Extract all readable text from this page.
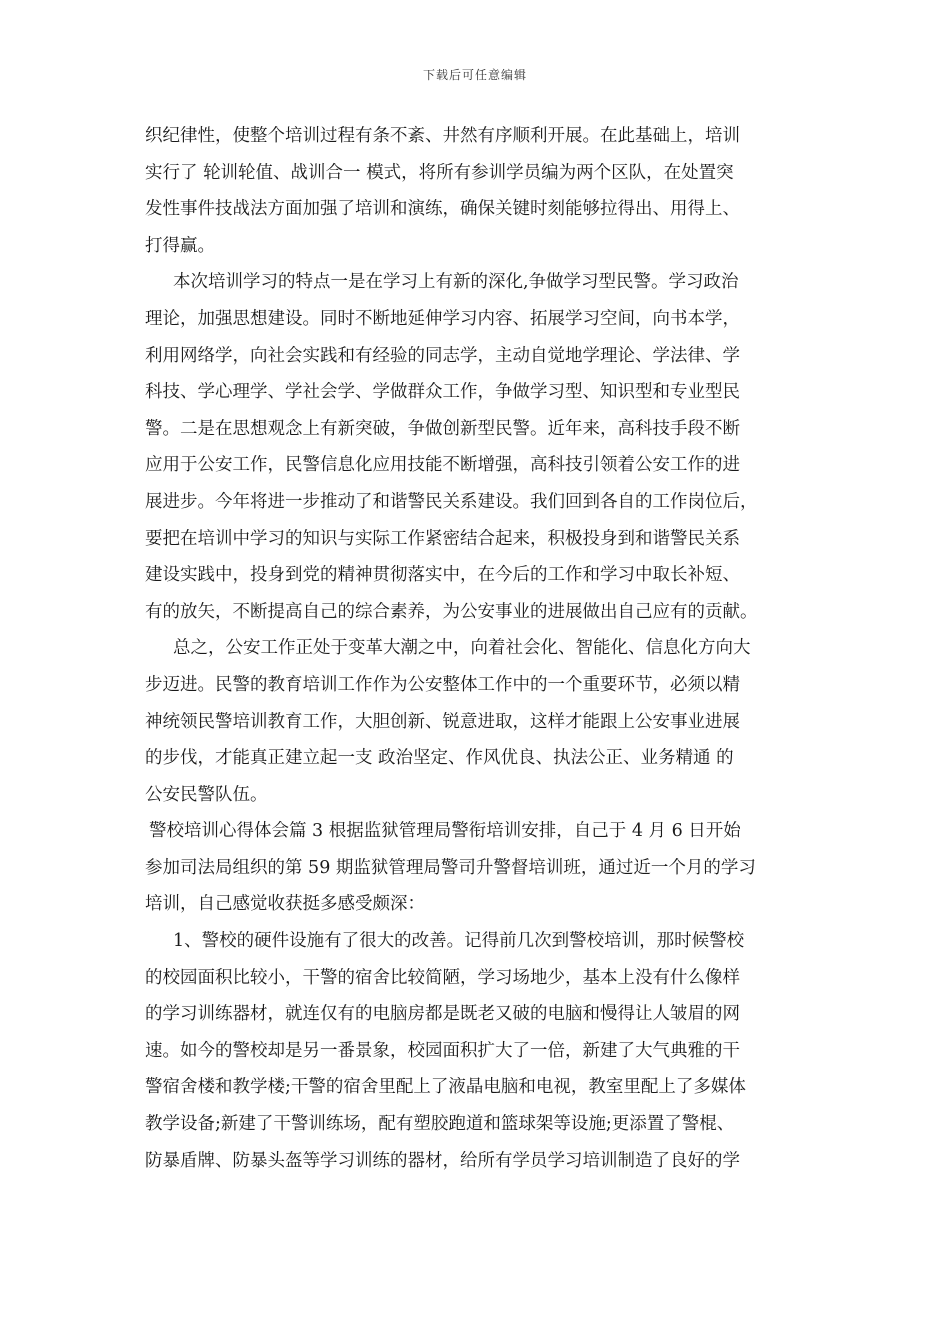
下载后可任意编辑

织纪律性，使整个培训过程有条不紊、井然有序顺利开展。在此基础上，培训
实行了 轮训轮值、战训合一 模式，将所有参训学员编为两个区队，在处置突
发性事件技战法方面加强了培训和演练，确保关键时刻能够拉得出、用得上、
打得赢。

本次培训学习的特点一是在学习上有新的深化,争做学习型民警。学习政治
理论，加强思想建设。同时不断地延伸学习内容、拓展学习空间，向书本学，
利用网络学，向社会实践和有经验的同志学，主动自觉地学理论、学法律、学
科技、学心理学、学社会学、学做群众工作，争做学习型、知识型和专业型民
警。二是在思想观念上有新突破，争做创新型民警。近年来，高科技手段不断
应用于公安工作，民警信息化应用技能不断增强，高科技引领着公安工作的进
展进步。今年将进一步推动了和谐警民关系建设。我们回到各自的工作岗位后，
要把在培训中学习的知识与实际工作紧密结合起来，积极投身到和谐警民关系
建设实践中，投身到党的精神贯彻落实中，在今后的工作和学习中取长补短、
有的放矢，不断提高自己的综合素养，为公安事业的进展做出自己应有的贡献。

总之，公安工作正处于变革大潮之中，向着社会化、智能化、信息化方向大
步迈进。民警的教育培训工作作为公安整体工作中的一个重要环节，必须以精
神统领民警培训教育工作，大胆创新、锐意进取，这样才能跟上公安事业进展
的步伐，才能真正建立起一支 政治坚定、作风优良、执法公正、业务精通 的
公安民警队伍。

警校培训心得体会篇 3 根据监狱管理局警衔培训安排，自己于 4 月 6 日开始
参加司法局组织的第 59 期监狱管理局警司升警督培训班，通过近一个月的学习
培训，自己感觉收获挺多感受颇深：

1、警校的硬件设施有了很大的改善。记得前几次到警校培训，那时候警校
的校园面积比较小，干警的宿舍比较简陋，学习场地少，基本上没有什么像样
的学习训练器材，就连仅有的电脑房都是既老又破的电脑和慢得让人皱眉的网
速。如今的警校却是另一番景象，校园面积扩大了一倍，新建了大气典雅的干
警宿舍楼和教学楼;干警的宿舍里配上了液晶电脑和电视，教室里配上了多媒体
教学设备;新建了干警训练场，配有塑胶跑道和篮球架等设施;更添置了警棍、
防暴盾牌、防暴头盔等学习训练的器材，给所有学员学习培训制造了良好的学
